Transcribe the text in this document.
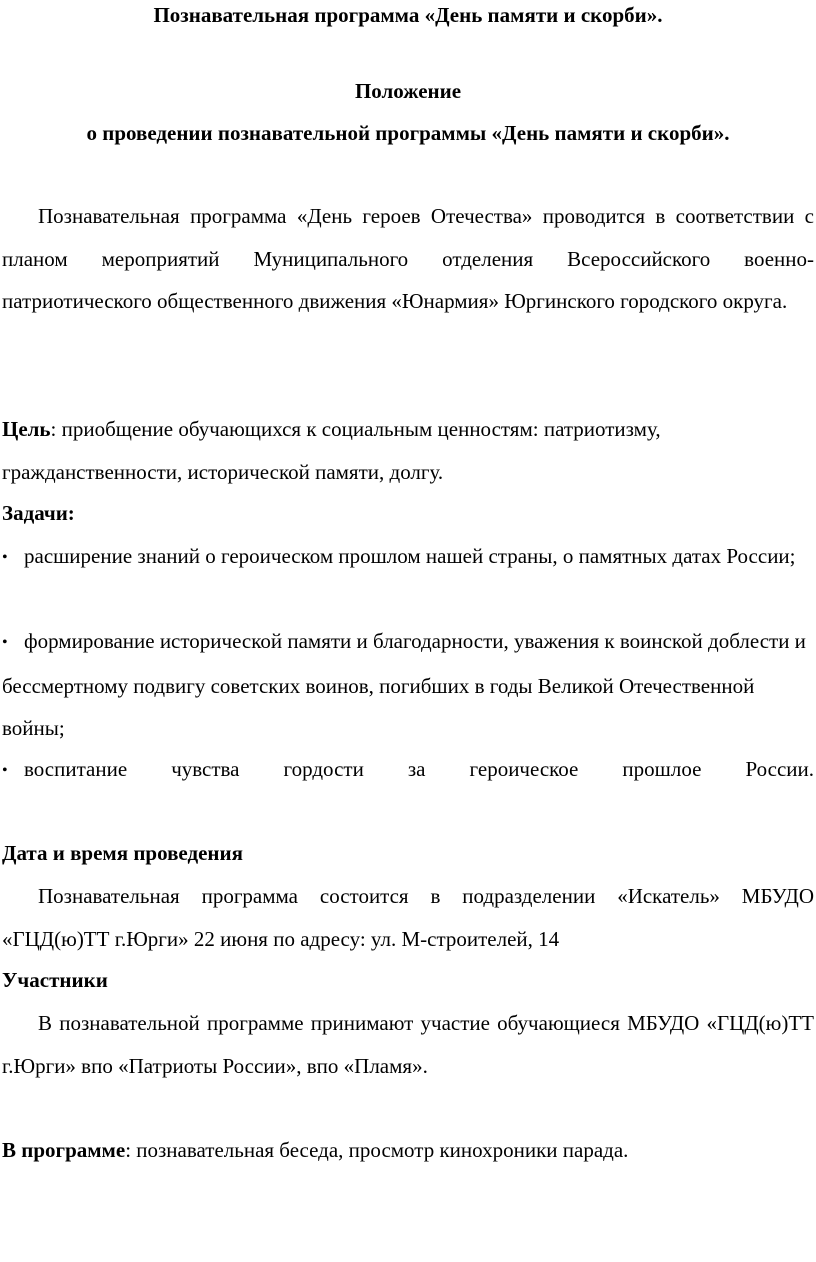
Познавательная программа «День памяти и скорби».
Положение
о проведении познавательной программы «День памяти и скорби».
Познавательная программа «День героев Отечества» проводится в соответствии с планом мероприятий Муниципального отделения Всероссийского военно-патриотического общественного движения «Юнармия» Юргинского городского округа.
Цель: приобщение обучающихся к социальным ценностям: патриотизму, гражданственности, исторической памяти, долгу.
Задачи:
• расширение знаний о героическом прошлом нашей страны, о памятных датах России;
• формирование исторической памяти и благодарности, уважения к воинской доблести и бессмертному подвигу советских воинов, погибших в годы Великой Отечественной войны;
• воспитание чувства гордости за героическое прошлое России.
Дата и время проведения
Познавательная программа состоится в подразделении «Искатель» МБУДО «ГЦД(ю)ТТ г.Юрги» 22 июня по адресу: ул. М-строителей, 14
Участники
В познавательной программе принимают участие обучающиеся МБУДО «ГЦД(ю)ТТ г.Юрги» впо «Патриоты России», впо «Пламя».
В программе: познавательная беседа, просмотр кинохроники парада.
